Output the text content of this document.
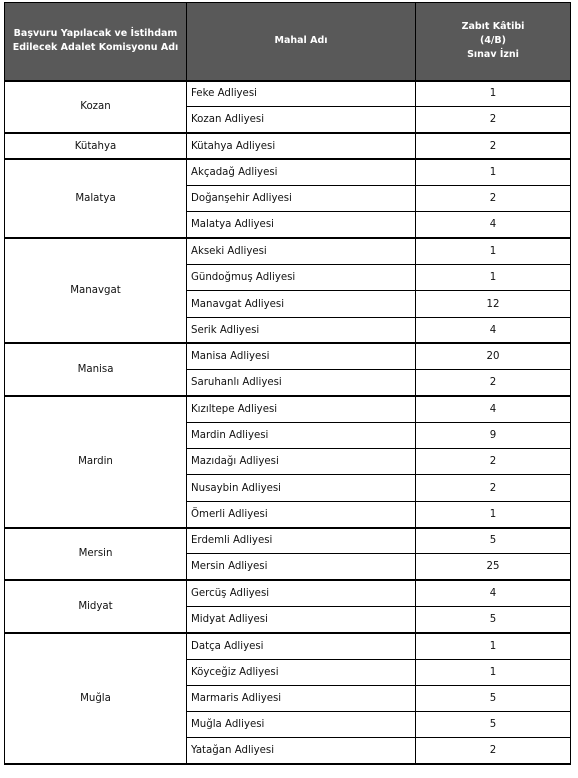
Başvuru Yapılacak ve İstihdam
Edilecek Adalet Komisyonu Adı	Mahal Adı	Zabıt Kâtibi
(4/B)
Sınav İzni

Kozan	Feke Adliyesi	1
	Kozan Adliyesi	2
Kütahya	Kütahya Adliyesi	2
Malatya	Akçadağ Adliyesi	1
	Doğanşehir Adliyesi	2
	Malatya Adliyesi	4
Manavgat	Akseki Adliyesi	1
	Gündoğmuş Adliyesi	1
	Manavgat Adliyesi	12
	Serik Adliyesi	4
Manisa	Manisa Adliyesi	20
	Saruhanlı Adliyesi	2
Mardin	Kızıltepe Adliyesi	4
	Mardin Adliyesi	9
	Mazıdağı Adliyesi	2
	Nusaybin Adliyesi	2
	Ömerli Adliyesi	1
Mersin	Erdemli Adliyesi	5
	Mersin Adliyesi	25
Midyat	Gercüş Adliyesi	4
	Midyat Adliyesi	5
Muğla	Datça Adliyesi	1
	Köyceğiz Adliyesi	1
	Marmaris Adliyesi	5
	Muğla Adliyesi	5
	Yatağan Adliyesi	2
